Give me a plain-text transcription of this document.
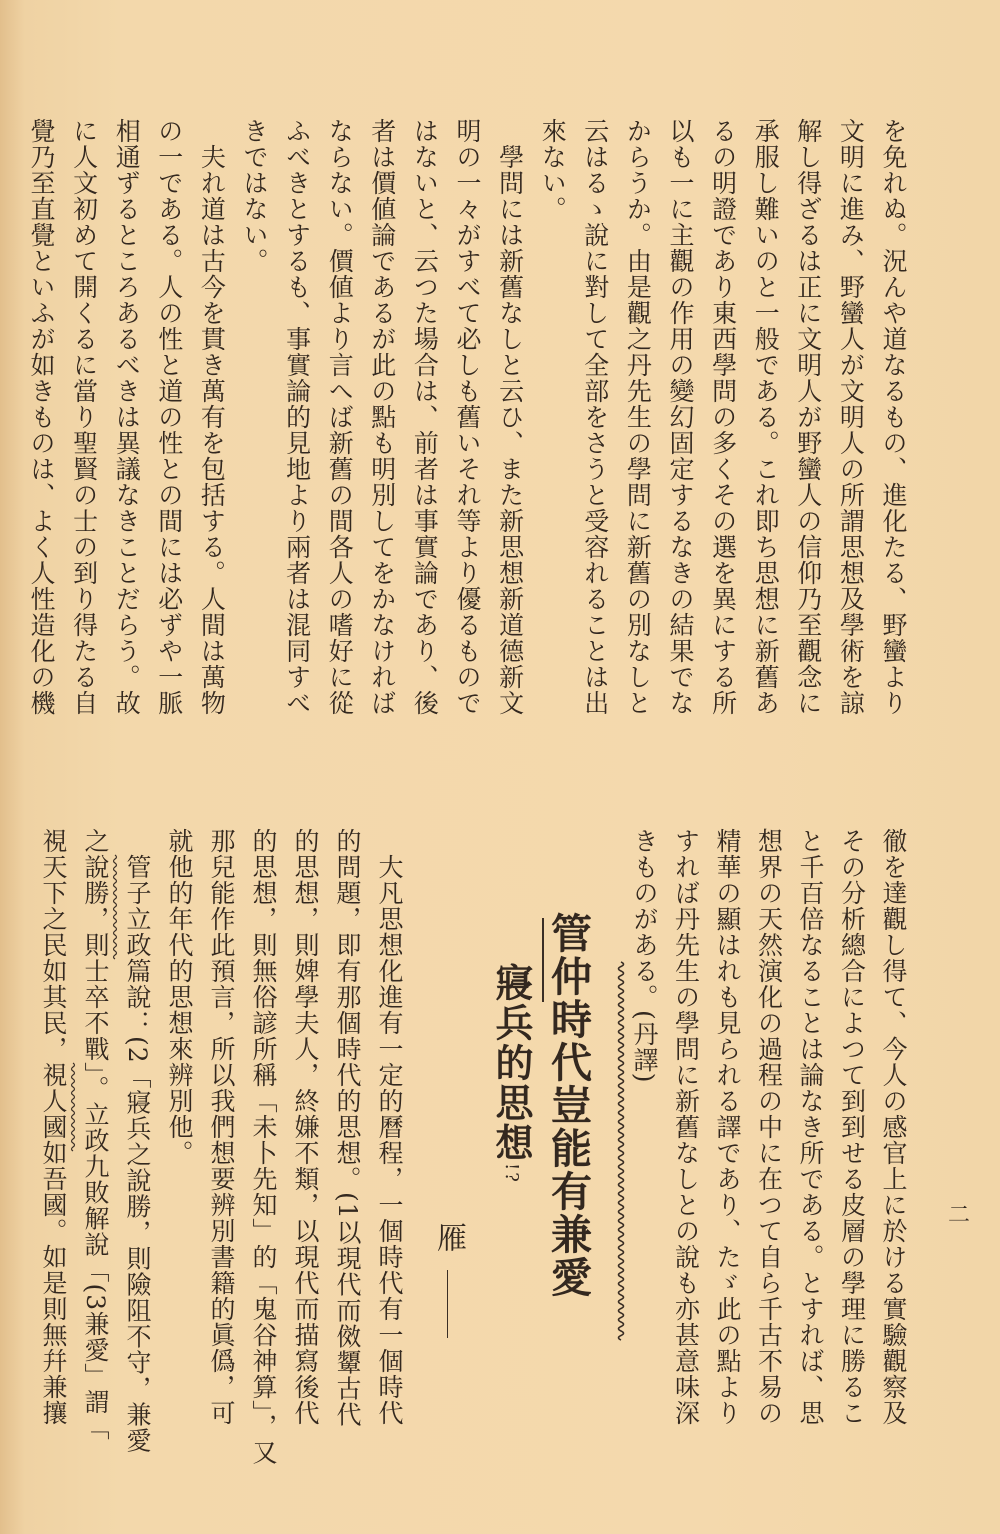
を免れぬ。況んや道なるもの、進化たる、野蠻より
文明に進み、野蠻人が文明人の所謂思想及學術を諒
解し得ざるは正に文明人が野蠻人の信仰乃至觀念に
承服し難いのと一般である。これ即ち思想に新舊あ
るの明證であり東西學問の多くその選を異にする所
以も一に主觀の作用の變幻固定するなきの結果でな
からうか。由是觀之丹先生の學問に新舊の別なしと
云はるゝ說に對して全部をさうと受容れることは出
來ない。
學問には新舊なしと云ひ、また新思想新道德新文
明の一々がすべて必しも舊いそれ等より優るもので
はないと、云つた場合は、前者は事實論であり、後
者は價値論であるが此の點も明別してをかなければ
ならない。價値より言へば新舊の間各人の嗜好に從
ふべきとするも、事實論的見地より兩者は混同すべ
きではない。
夫れ道は古今を貫き萬有を包括する。人間は萬物
の一である。人の性と道の性との間には必ずや一脈
相通ずるところあるべきは異議なきことだらう。故
に人文初めて開くるに當り聖賢の士の到り得たる自
覺乃至直覺といふが如きものは、よく人性造化の機
徹を達觀し得て、今人の感官上に於ける實驗觀察及
その分析總合によつて到到せる皮層の學理に勝るこ
と千百倍なることは論なき所である。とすれば、思
想界の天然演化の過程の中に在つて自ら千古不易の
精華の顯はれも見られる譯であり、たゞ此の點より
すれば丹先生の學問に新舊なしとの說も亦甚意味深
きものがある。(丹譯)
大凡思想化進有一定的曆程，一個時代有一個時代
的問題，即有那個時代的思想。(1以現代而傚顰古代
的思想，則婢學夫人，終嫌不類，以現代而描寫後代
的思想，則無俗諺所稱「未卜先知」的「鬼谷神算」，又
那兒能作此預言，所以我們想要辨別書籍的眞僞，可
就他的年代的思想來辨別他。
管子立政篇說：(2「寢兵之說勝，則險阻不守，兼愛
之說勝，則士卒不戰」。立政九敗解說「(3兼愛」謂「
視天下之民如其民，視人國如吾國。如是則無幷兼攘	管仲時代豈能有兼愛
寢兵的思想!?
雁
二
